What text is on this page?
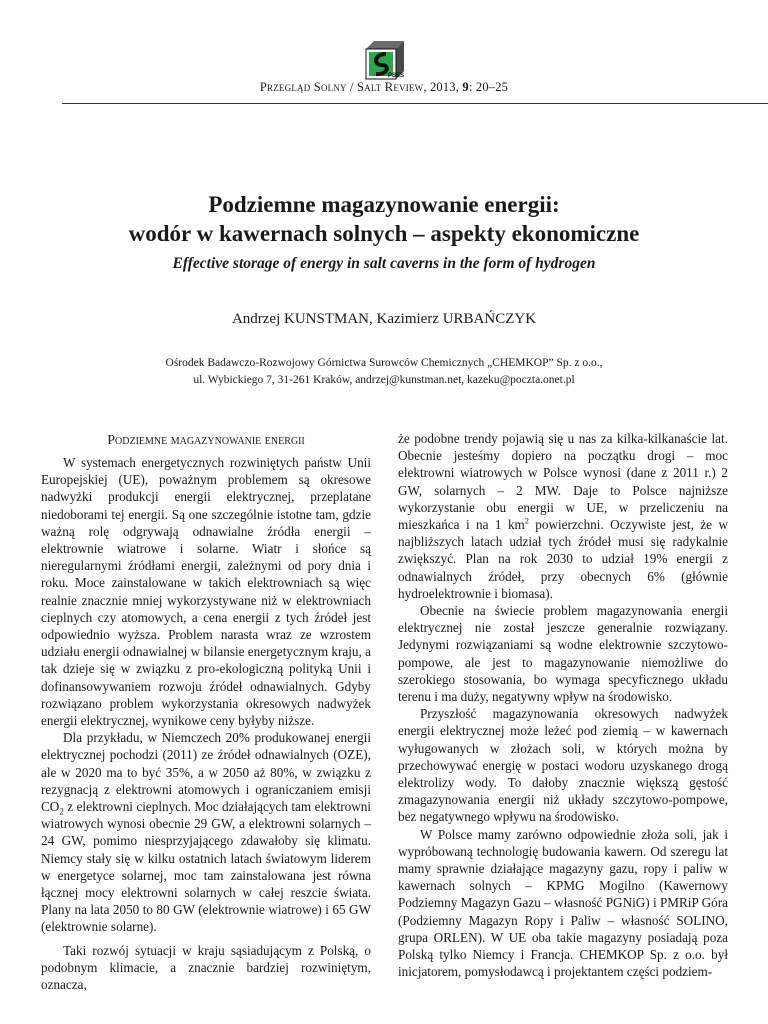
PSSS
Przegląd Solny / Salt Review, 2013, 9: 20–25
Podziemne magazynowanie energii:
wodór w kawernach solnych – aspekty ekonomiczne
Effective storage of energy in salt caverns in the form of hydrogen
Andrzej KUNSTMAN, Kazimierz URBAŃCZYK
Ośrodek Badawczo-Rozwojowy Górnictwa Surowców Chemicznych „CHEMKOP” Sp. z o.o.,
ul. Wybickiego 7, 31-261 Kraków, andrzej@kunstman.net, kazeku@poczta.onet.pl
Podziemne magazynowanie energii

W systemach energetycznych rozwiniętych państw Unii Europejskiej (UE), poważnym problemem są okresowe nadwyżki produkcji energii elektrycznej, przeplatane niedoborami tej energii. Są one szczególnie istotne tam, gdzie ważną rolę odgrywają odnawialne źródła energii – elektrownie wiatrowe i solarne. Wiatr i słońce są nieregularnymi źródłami energii, zależnymi od pory dnia i roku. Moce zainstalowane w takich elektrowniach są więc realnie znacznie mniej wykorzystywane niż w elektrowniach cieplnych czy atomowych, a cena energii z tych źródeł jest odpowiednio wyższa. Problem narasta wraz ze wzrostem udziału energii odnawialnej w bilansie energetycznym kraju, a tak dzieje się w związku z pro-ekologiczną polityką Unii i dofinansowywaniem rozwoju źródeł odnawialnych. Gdyby rozwiązano problem wykorzystania okresowych nadwyżek energii elektrycznej, wynikowe ceny byłyby niższe.

Dla przykładu, w Niemczech 20% produkowanej energii elektrycznej pochodzi (2011) ze źródeł odnawialnych (OZE), ale w 2020 ma to być 35%, a w 2050 aż 80%, w związku z rezygnacją z elektrowni atomowych i ograniczaniem emisji $CO_2$ z elektrowni cieplnych. Moc działających tam elektrowni wiatrowych wynosi obecnie 29 GW, a elektrowni solarnych – 24 GW, pomimo niesprzyjającego zdawałoby się klimatu. Niemcy stały się w kilku ostatnich latach światowym liderem w energetyce solarnej, moc tam zainstalowana jest równa łącznej mocy elektrowni solarnych w całej reszcie świata. Plany na lata 2050 to 80 GW (elektrownie wiatrowe) i 65 GW (elektrownie solarne).

Taki rozwój sytuacji w kraju sąsiadującym z Polską, o podobnym klimacie, a znacznie bardziej rozwiniętym, oznacza,

że podobne trendy pojawią się u nas za kilka-kilkanaście lat. Obecnie jesteśmy dopiero na początku drogi – moc elektrowni wiatrowych w Polsce wynosi (dane z 2011 r.) 2 GW, solarnych – 2 MW. Daje to Polsce najniższe wykorzystanie obu energii w UE, w przeliczeniu na mieszkańca i na 1 $km^2$ powierzchni. Oczywiste jest, że w najbliższych latach udział tych źródeł musi się radykalnie zwiększyć. Plan na rok 2030 to udział 19% energii z odnawialnych źródeł, przy obecnych 6% (głównie hydroelektrownie i biomasa).

Obecnie na świecie problem magazynowania energii elektrycznej nie został jeszcze generalnie rozwiązany. Jedynymi rozwiązaniami są wodne elektrownie szczytowo-pompowe, ale jest to magazynowanie niemożliwe do szerokiego stosowania, bo wymaga specyficznego układu terenu i ma duży, negatywny wpływ na środowisko.

Przyszłość magazynowania okresowych nadwyżek energii elektrycznej może leżeć pod ziemią – w kawernach wyługowanych w złożach soli, w których można by przechowywać energię w postaci wodoru uzyskanego drogą elektrolizy wody. To dałoby znacznie większą gęstość zmagazynowania energii niż układy szczytowo-pompowe, bez negatywnego wpływu na środowisko.

W Polsce mamy zarówno odpowiednie złoża soli, jak i wypróbowaną technologię budowania kawern. Od szeregu lat mamy sprawnie działające magazyny gazu, ropy i paliw w kawernach solnych – KPMG Mogilno (Kawernowy Podziemny Magazyn Gazu – własność PGNiG) i PMRiP Góra (Podziemny Magazyn Ropy i Paliw – własność SOLINO, grupa ORLEN). W UE oba takie magazyny posiadają poza Polską tylko Niemcy i Francja. CHEMKOP Sp. z o.o. był inicjatorem, pomysłodawcą i projektantem części podziem-
